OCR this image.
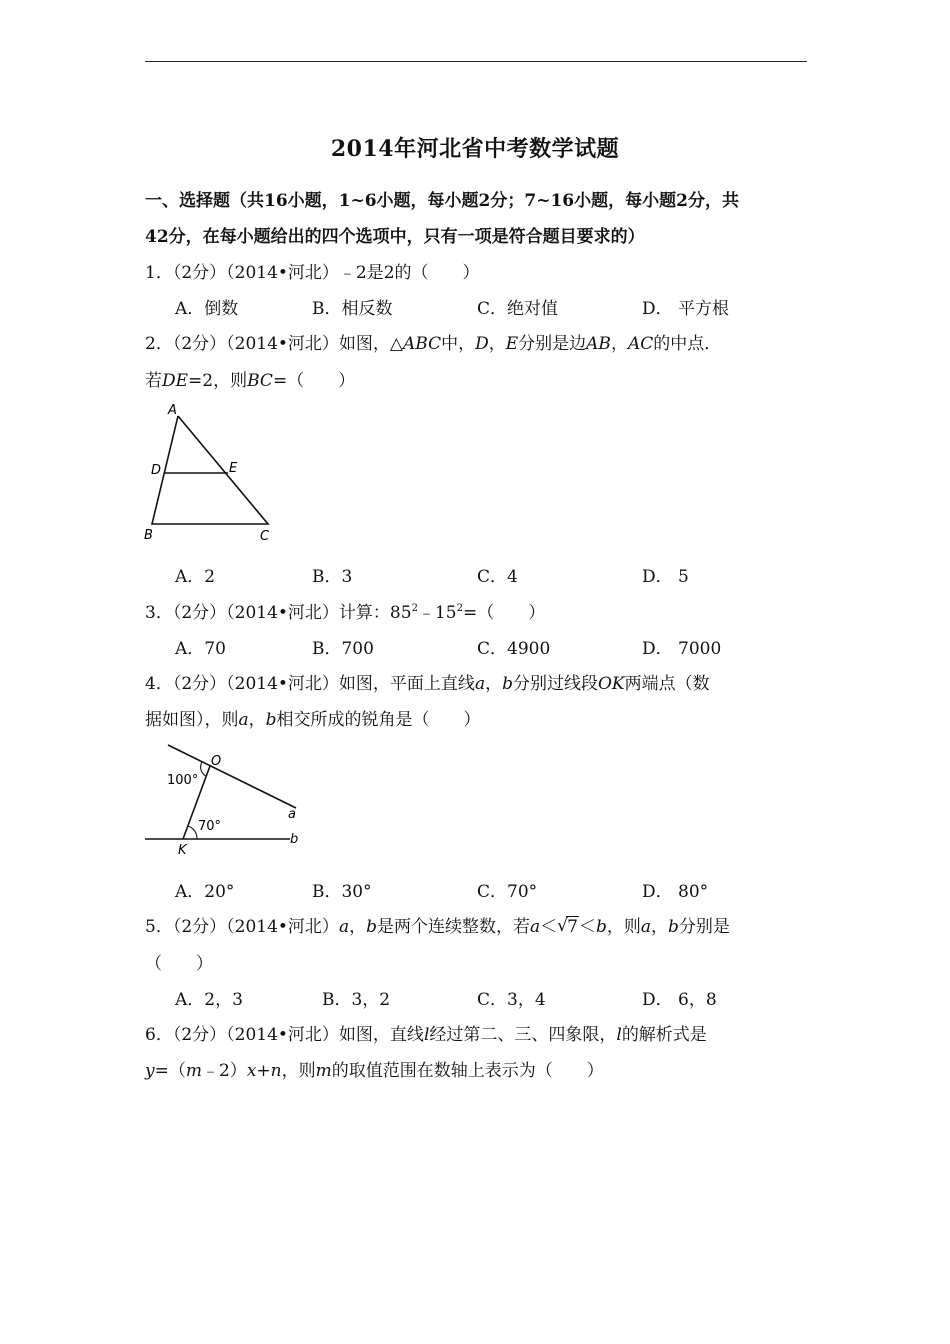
2014年河北省中考数学试题
一、选择题（共16小题，1~6小题，每小题2分；7~16小题，每小题2分，共
42分，在每小题给出的四个选项中，只有一项是符合题目要求的）
1．（2分）（2014•河北）﹣2是2的（　　）
A．倒数	B．相反数	C．绝对值	D． 平方根
2．（2分）（2014•河北）如图，△ABC中，D，E分别是边AB，AC的中点．
若DE=2，则BC=（　　）
A
D	E
B	C
A．2	B．3	C．4	D． 5
3．（2分）（2014•河北）计算：$85^2﹣15^2=$（　　）
A．70	B．700	C．4900	D． 7000
4．（2分）（2014•河北）如图，平面上直线a，b分别过线段OK两端点（数
据如图），则a，b相交所成的锐角是（　　）
O
100°
70°
a
b
K
A．20°	B．30°	C．70°	D． 80°
5．（2分）（2014•河北）a，b是两个连续整数，若a＜ √ 7＜b，则a，b分别是
（　　）
A．2，3	B．3，2	C．3，4	D． 6，8
6．（2分）（2014•河北）如图，直线l经过第二、三、四象限，l的解析式是
y=（m﹣2）x+n，则m的取值范围在数轴上表示为（　　）
